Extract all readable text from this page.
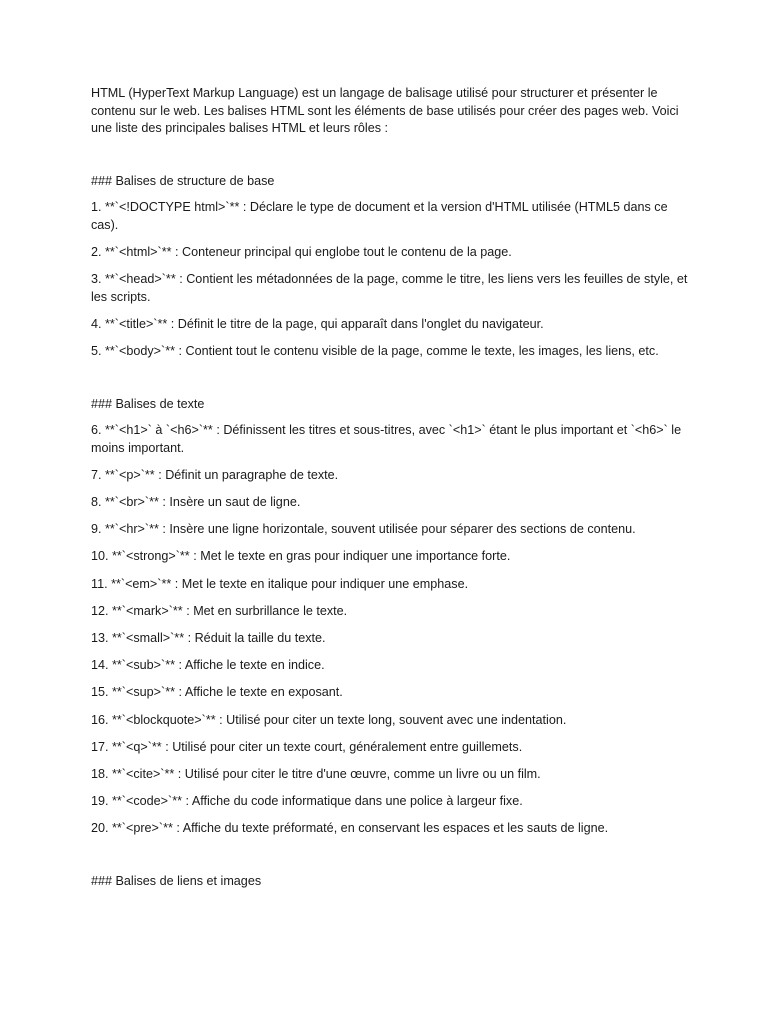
HTML (HyperText Markup Language) est un langage de balisage utilisé pour structurer et présenter le contenu sur le web. Les balises HTML sont les éléments de base utilisés pour créer des pages web. Voici une liste des principales balises HTML et leurs rôles :

### Balises de structure de base

1. **`<!DOCTYPE html>`** : Déclare le type de document et la version d'HTML utilisée (HTML5 dans ce cas).

2. **`<html>`** : Conteneur principal qui englobe tout le contenu de la page.

3. **`<head>`** : Contient les métadonnées de la page, comme le titre, les liens vers les feuilles de style, et les scripts.

4. **`<title>`** : Définit le titre de la page, qui apparaît dans l'onglet du navigateur.

5. **`<body>`** : Contient tout le contenu visible de la page, comme le texte, les images, les liens, etc.

### Balises de texte

6. **`<h1>` à `<h6>`** : Définissent les titres et sous-titres, avec `<h1>` étant le plus important et `<h6>` le moins important.

7. **`<p>`** : Définit un paragraphe de texte.

8. **`<br>`** : Insère un saut de ligne.

9. **`<hr>`** : Insère une ligne horizontale, souvent utilisée pour séparer des sections de contenu.

10. **`<strong>`** : Met le texte en gras pour indiquer une importance forte.

11. **`<em>`** : Met le texte en italique pour indiquer une emphase.

12. **`<mark>`** : Met en surbrillance le texte.

13. **`<small>`** : Réduit la taille du texte.

14. **`<sub>`** : Affiche le texte en indice.

15. **`<sup>`** : Affiche le texte en exposant.

16. **`<blockquote>`** : Utilisé pour citer un texte long, souvent avec une indentation.

17. **`<q>`** : Utilisé pour citer un texte court, généralement entre guillemets.

18. **`<cite>`** : Utilisé pour citer le titre d'une œuvre, comme un livre ou un film.

19. **`<code>`** : Affiche du code informatique dans une police à largeur fixe.

20. **`<pre>`** : Affiche du texte préformaté, en conservant les espaces et les sauts de ligne.

### Balises de liens et images
